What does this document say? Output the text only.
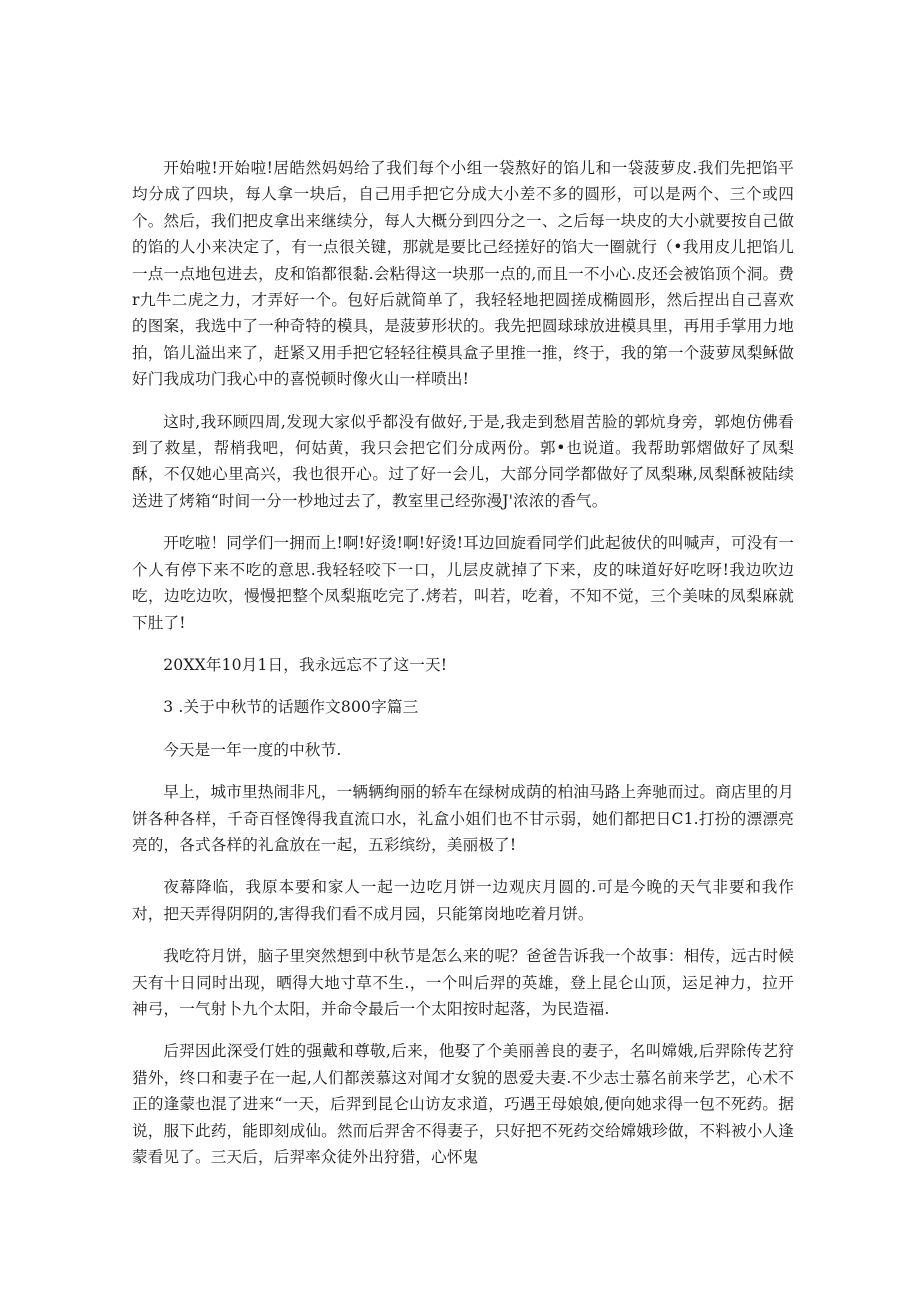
开始啦!开始啦!居皓然妈妈给了我们每个小组一袋熬好的馅儿和一袋菠萝皮.我们先把馅平均分成了四块，每人拿一块后，自己用手把它分成大小差不多的圆形，可以是两个、三个或四个。然后，我们把皮拿出来继续分，每人大概分到四分之一、之后每一块皮的大小就要按自己做的馅的人小来决定了，有一点很关键，那就是要比己经搓好的馅大一圈就行（•我用皮儿把馅儿一点一点地包进去，皮和馅都很黏.会粘得这一块那一点的,而且一不小心.皮还会被馅顶个洞。费r九牛二虎之力，才弄好一个。包好后就简单了，我轻轻地把圆搓成椭圆形，然后捏出自己喜欢的图案，我选中了一种奇特的模具，是菠萝形状的。我先把圆球球放进模具里，再用手掌用力地拍，馅儿溢出来了，赶紧又用手把它轻轻往模具盒子里推一推，终于，我的第一个菠萝凤梨稣做好门我成功门我心中的喜悦顿时像火山一样喷出!

这时,我环顾四周,发现大家似乎都没有做好,于是,我走到愁眉苦脸的郭炕身旁，郭炮仿佛看到了救星，帮梢我吧，何姑黄，我只会把它们分成两份。郭•也说道。我帮助郭熠做好了凤梨酥，不仅她心里高兴，我也很开心。过了好一会儿，大部分同学都做好了凤梨琳,凤梨酥被陆续送进了烤箱“时间一分一杪地过去了，教室里己经弥漫J'浓浓的香气。

开吃啦！同学们一拥而上!啊!好烫!啊!好烫!耳边回旋看同学们此起彼伏的叫喊声，可没有一个人有停下来不吃的意思.我轻轻咬下一口，儿层皮就掉了下来，皮的味道好好吃呀!我边吹边吃，边吃边吹，慢慢把整个凤梨瓶吃完了.烤若，叫若，吃着，不知不觉，三个美味的凤梨麻就下肚了!

20XX年10月1日，我永远忘不了这一天!

3 .关于中秋节的话题作文800字篇三

今天是一年一度的中秋节.

早上，城市里热闹非凡，一辆辆绚丽的轿车在绿树成荫的柏油马路上奔驰而过。商店里的月饼各种各样，千奇百怪馋得我直流口水，礼盒小姐们也不甘示弱，她们都把日C1.打扮的漂漂亮亮的，各式各样的礼盒放在一起，五彩缤纷，美丽极了!

夜幕降临，我原本要和家人一起一边吃月饼一边观庆月圆的.可是今晚的天气非要和我作对，把天弄得阴阴的,害得我们看不成月园，只能第岗地吃着月饼。

我吃符月饼，脑子里突然想到中秋节是怎么来的呢？爸爸告诉我一个故事：相传，远古时候天有十日同时出现，晒得大地寸草不生.，一个叫后羿的英雄，登上昆仑山顶，运足神力，拉开神弓，一气射卜九个太阳，并命令最后一个太阳按时起落，为民造福.

后羿因此深受仃姓的强戴和尊敬,后来，他娶了个美丽善良的妻子，名叫嫦娥,后羿除传艺狩猎外，终口和妻子在一起,人们都羡慕这对闻才女貌的恩爱夫妻.不少志士慕名前来学艺，心术不正的逢蒙也混了进来“一天，后羿到昆仑山访友求道，巧遇王母娘娘,便向她求得一包不死药。据说，服下此药，能即刻成仙。然而后羿舍不得妻子，只好把不死药交给嫦娥珍做，不料被小人逢蒙看见了。三天后，后羿率众徒外出狩猎，心怀鬼
